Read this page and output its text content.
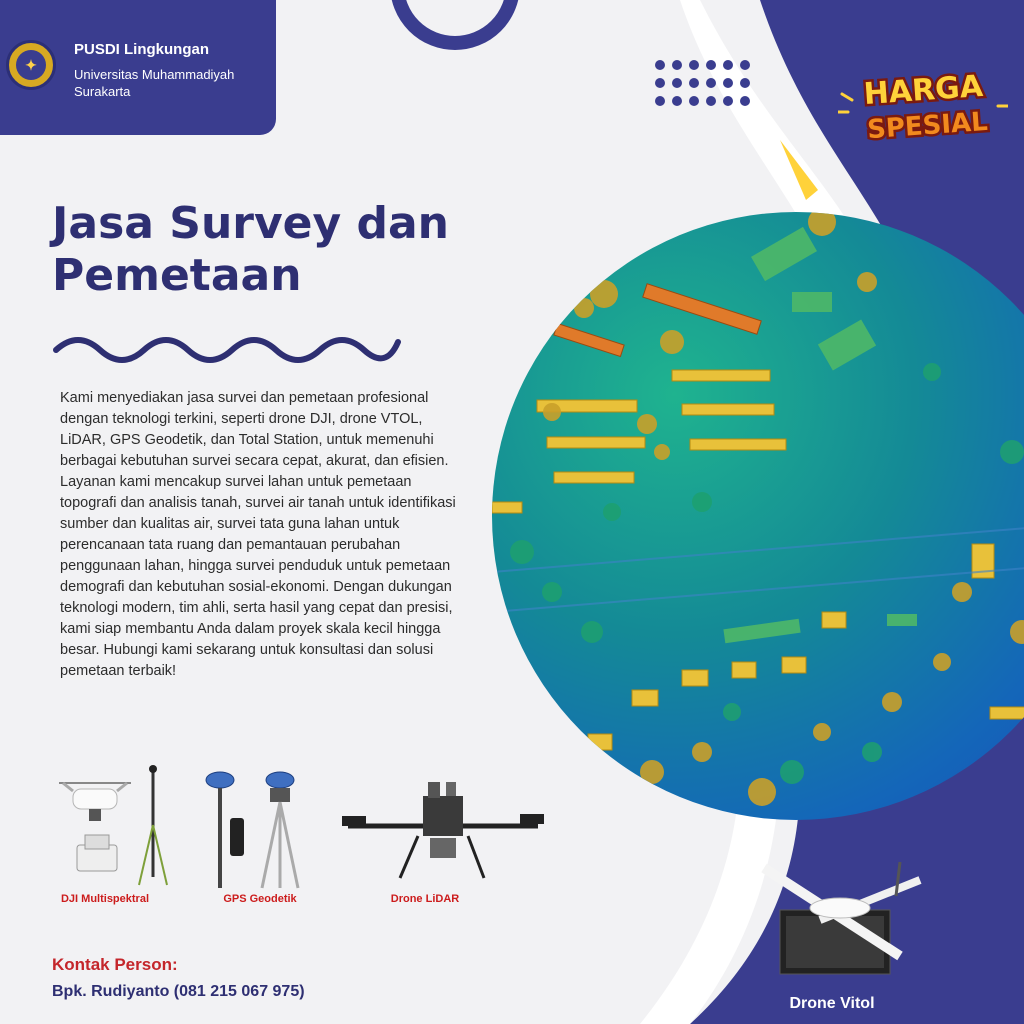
✦
PUSDI Lingkungan
Universitas Muhammadiyah Surakarta	HARGA
SPESIAL
Jasa Survey dan Pemetaan
Kami menyediakan jasa survei dan pemetaan profesional dengan teknologi terkini, seperti drone DJI, drone VTOL, LiDAR, GPS Geodetik, dan Total Station, untuk memenuhi berbagai kebutuhan survei secara cepat, akurat, dan efisien. Layanan kami mencakup survei lahan untuk pemetaan topografi dan analisis tanah, survei air tanah untuk identifikasi sumber dan kualitas air, survei tata guna lahan untuk perencanaan tata ruang dan pemantauan perubahan penggunaan lahan, hingga survei penduduk untuk pemetaan demografi dan kebutuhan sosial-ekonomi. Dengan dukungan teknologi modern, tim ahli, serta hasil yang cepat dan presisi, kami siap membantu Anda dalam proyek skala kecil hingga besar. Hubungi kami sekarang untuk konsultasi dan solusi pemetaan terbaik!
DJI Multispektral	GPS Geodetik	Drone LiDAR
Drone Vitol
Kontak Person:
Bpk. Rudiyanto (081 215 067 975)
